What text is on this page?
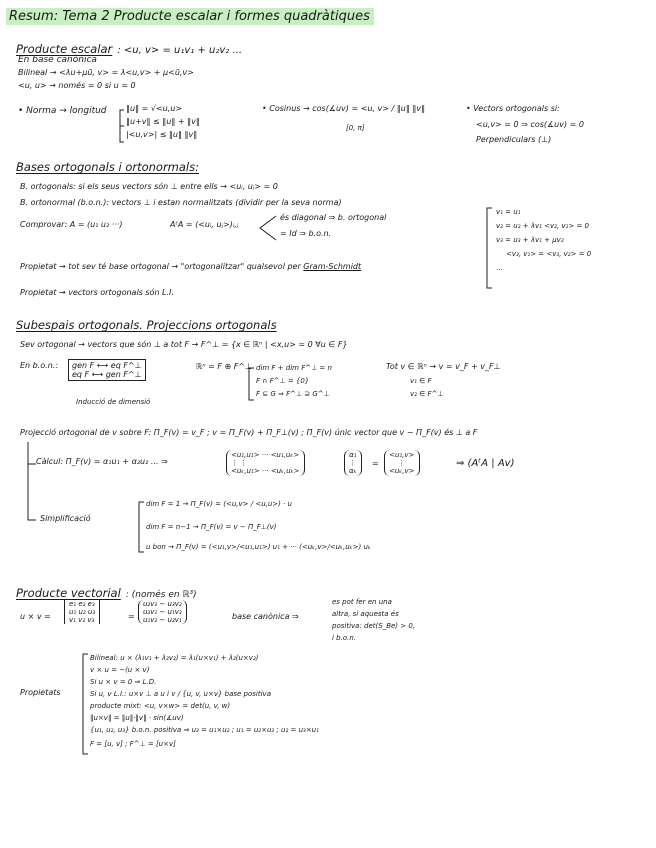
Resum: Tema 2 Producte escalar i formes quadràtiques
Producte escalar : <u, v> = u₁v₁ + u₂v₂ ...
En base canònica
Bilineal → <λu+μũ, v> = λ<u,v> + μ<ũ,v>
<u, u> → només = 0 si u = 0
• Norma → longitud ‖u‖ = √<u,u>
‖u+v‖ ≤ ‖u‖ + ‖v‖
|<u,v>| ≤ ‖u‖ ‖v‖
• Cosinus → cos(∡uv) = <u, v> / ‖u‖ ‖v‖
[0, π]
• Vectors ortogonals si:
<u,v> = 0 ⇒ cos(∡uv) = 0
Perpendiculars (⊥)
Bases ortogonals i ortonormals:
B. ortogonals: si els seus vectors són ⊥ entre ells → <uᵢ, uⱼ> = 0
B. ortonormal (b.o.n.): vectors ⊥ i estan normalitzats (dividir per la seva norma)
Comprovar: A = (u₁ u₂ ···)	AᵗA = (<uᵢ, uⱼ>)ᵢ,ⱼ
és diagonal ⇒ b. ortogonal
= Id ⇒ b.o.n.
Propietat → tot sev té base ortogonal → "ortogonalitzar" qualsevol per Gram-Schmidt
Propietat → vectors ortogonals són L.I.
v₁ = u₁
v₂ = u₂ + λv₁ <v₂, v₁> = 0
v₃ = u₃ + λv₁ + μv₂
<v₃, v₁> = <v₃, v₂> = 0
···
Subespais ortogonals. Projeccions ortogonals
Sev ortogonal → vectors que són ⊥ a tot F → F^⊥ = {x ∈ ℝⁿ | <x,u> = 0 ∀u ∈ F}
En b.o.n.: gen F ⟷ eq F^⊥
eq F ⟷ gen F^⊥
Inducció de dimensió
ℝⁿ = F ⊕ F^⊥ dim F + dim F^⊥ = n
F ∩ F^⊥ = {0}
F ⊆ G ⇒ F^⊥ ⊇ G^⊥
Tot v ∈ ℝⁿ → v = v_F + v_F⊥
v₁ ∈ F
v₂ ∈ F^⊥
Projecció ortogonal de v sobre F: Π_F(v) = v_F ; v = Π_F(v) + Π_F⊥(v) ; Π_F(v) únic vector que v − Π_F(v) és ⊥ a F
Càlcul: Π_F(v) = α₁u₁ + α₂u₂ ... ⇒
<u₁,u₁> ··· <u₁,uₖ>
⋮ ⋮
<uₖ,u₁> ··· <uₖ,uₖ>
α₁
⋮
αₖ
=
<u₁,v>
⋮
<uₖ,v>
⇒ (AᵗA | Av)
Simplificació
dim F = 1 → Π_F(v) = (<u,v> / <u,u>) · u
dim F = n−1 → Π_F(v) = v − Π_F⊥(v)
u bon → Π_F(v) = (<u₁,v>/<u₁,u₁>) u₁ + ··· (<uₖ,v>/<uₖ,uₖ>) uₖ
Producte vectorial : (només en ℝ³)
u × v =
e₁ e₂ e₃
u₁ u₂ u₃
v₁ v₂ v₃	=
u₂v₃ − u₃v₂
u₃v₁ − u₁v₃
u₁v₂ − u₂v₁	base canònica ⇒
es pot fer en una
altra, si aquesta és
positiva: det(S_Be) > 0,
i b.o.n.
Propietats
Bilineal: u × (λ₁v₁ + λ₂v₂) = λ₁(u×v₁) + λ₂(u×v₂)
v × u = −(u × v)
Si u × v = 0 ⇒ L.D.
Si u, v L.I.: u×v ⊥ a u i v / {u, v, u×v} base positiva
producte mixt: <u, v×w> = det(u, v, w)
‖u×v‖ = ‖u‖·‖v‖ · sin(∡uv)
{u₁, u₂, u₃} b.o.n. positiva ⇒ u₃ = u₁×u₂ ; u₁ = u₂×u₃ ; u₂ = u₃×u₁
F = [u, v] ; F^⊥ = [u×v]
